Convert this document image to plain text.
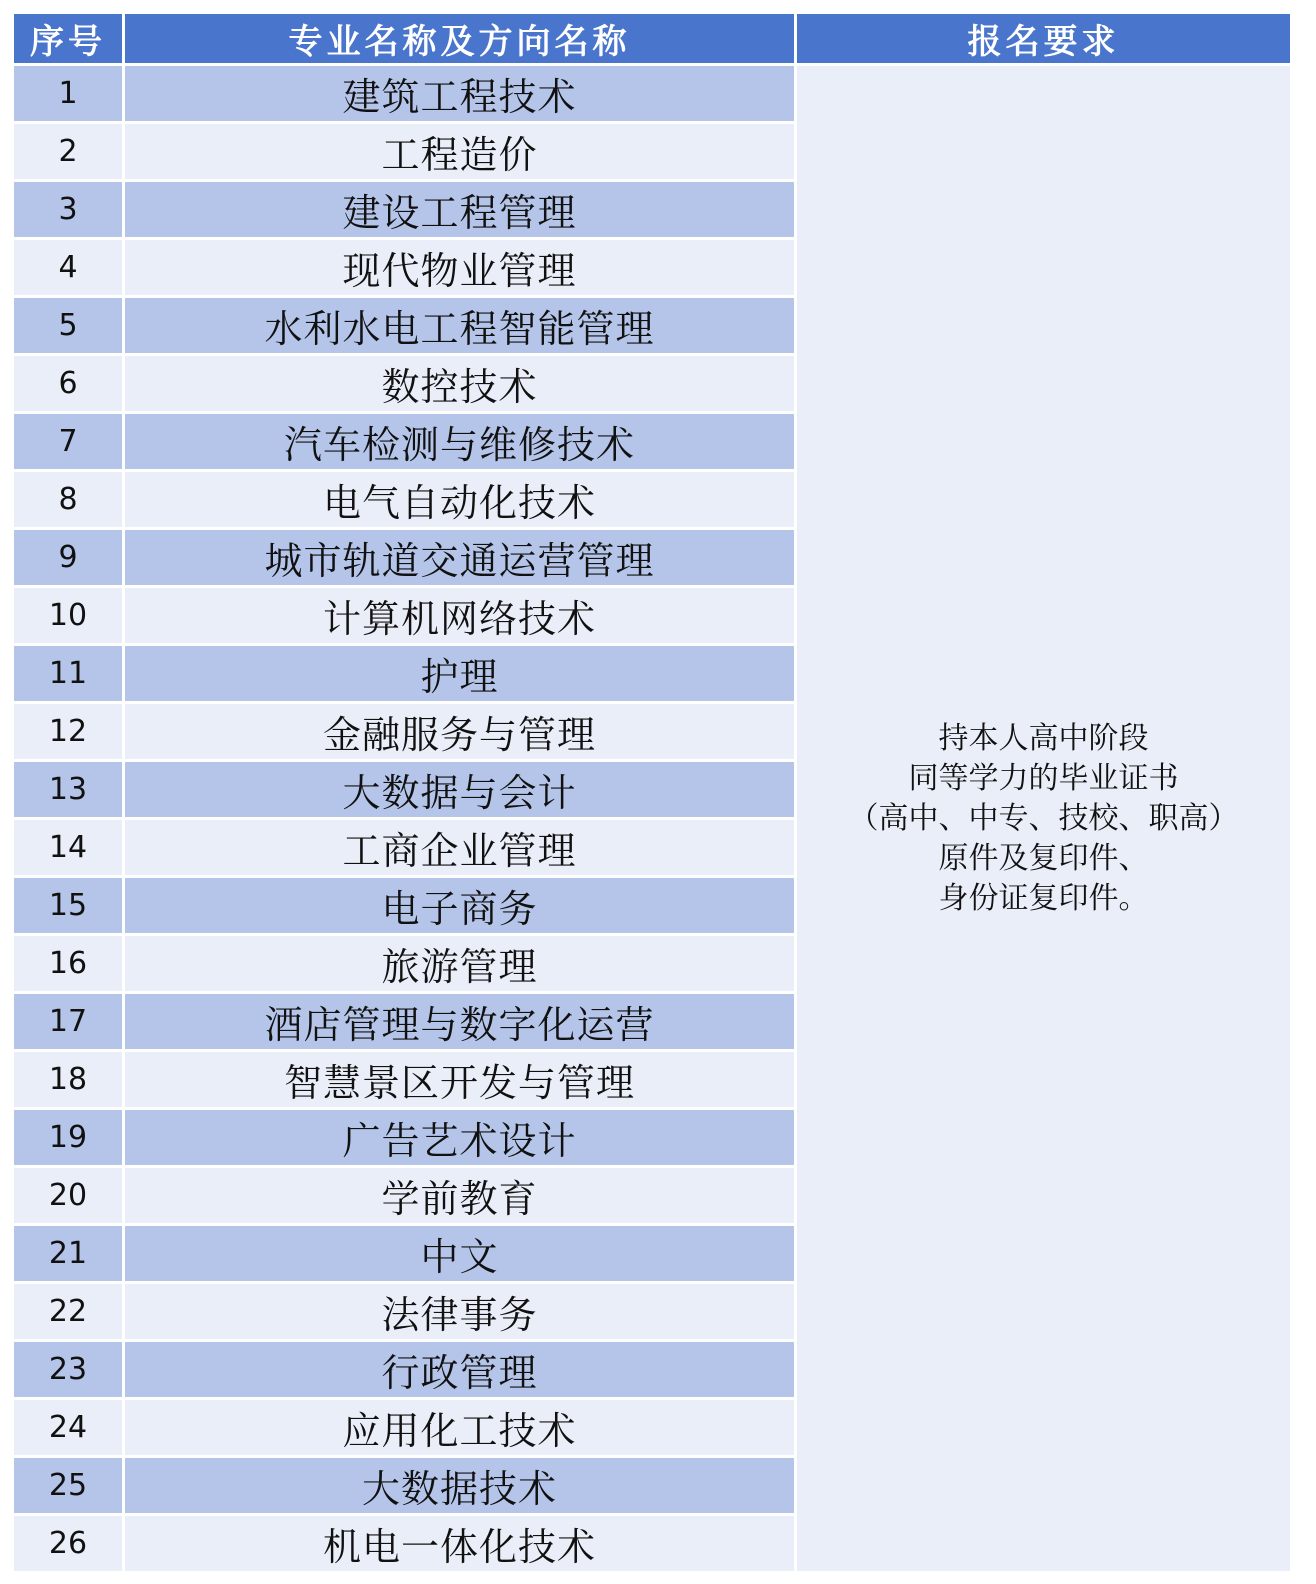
序号	专业名称及方向名称	报名要求
1	建筑工程技术	持本人高中阶段
同等学力的毕业证书
（高中、中专、技校、职高）
原件及复印件、
身份证复印件。

2	工程造价	
3	建设工程管理	
4	现代物业管理	
5	水利水电工程智能管理	
6	数控技术	
7	汽车检测与维修技术	
8	电气自动化技术	
9	城市轨道交通运营管理	
10	计算机网络技术	
11	护理	
12	金融服务与管理	
13	大数据与会计	
14	工商企业管理	
15	电子商务	
16	旅游管理	
17	酒店管理与数字化运营	
18	智慧景区开发与管理	
19	广告艺术设计	
20	学前教育	
21	中文	
22	法律事务	
23	行政管理	
24	应用化工技术	
25	大数据技术	
26	机电一体化技术	
